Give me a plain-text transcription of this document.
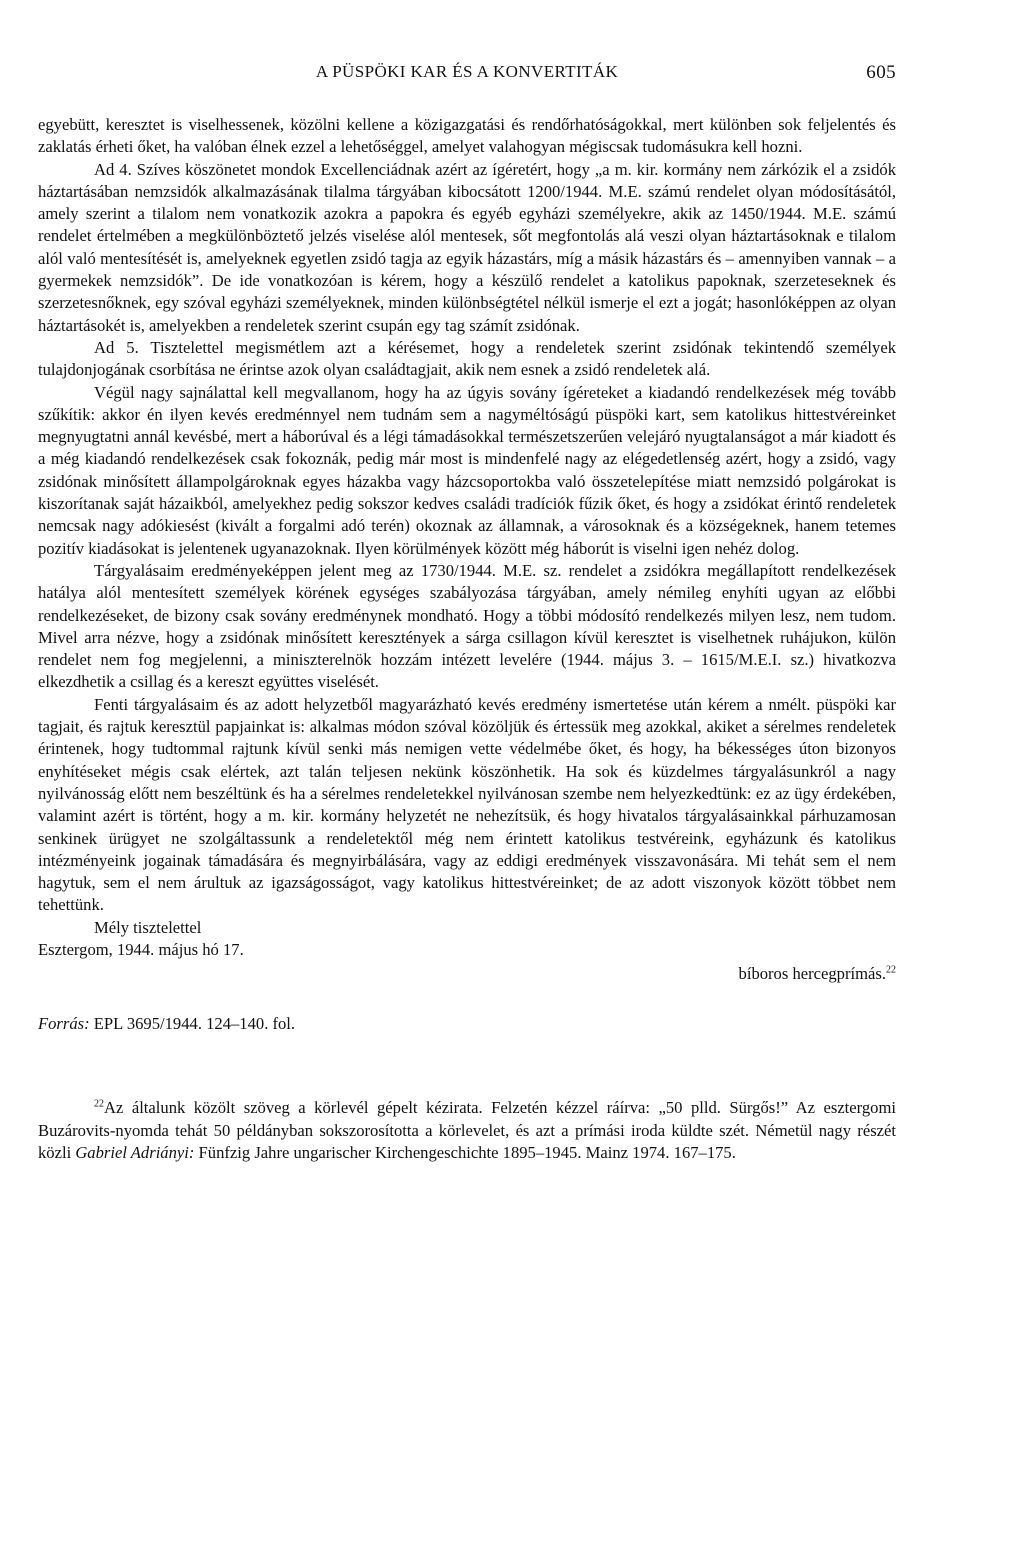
A PÜSPÖKI KAR ÉS A KONVERTITÁK	605

egyebütt, keresztet is viselhessenek, közölni kellene a közigazgatási és rendőrhatóságokkal, mert különben sok feljelentés és zaklatás érheti őket, ha valóban élnek ezzel a lehetőséggel, amelyet valahogyan mégiscsak tudomásukra kell hozni.

Ad 4. Szíves köszönetet mondok Excellenciádnak azért az ígéretért, hogy „a m. kir. kormány nem zárkózik el a zsidók háztartásában nemzsidók alkalmazásának tilalma tárgyában kibocsátott 1200/1944. M.E. számú rendelet olyan módosításától, amely szerint a tilalom nem vonatkozik azokra a papokra és egyéb egyházi személyekre, akik az 1450/1944. M.E. számú rendelet értelmében a megkülönböztető jelzés viselése alól mentesek, sőt megfontolás alá veszi olyan háztartásoknak e tilalom alól való mentesítését is, amelyeknek egyetlen zsidó tagja az egyik házastárs, míg a másik házastárs és – amennyiben vannak – a gyermekek nemzsidók”. De ide vonatkozóan is kérem, hogy a készülő rendelet a katolikus papoknak, szerzeteseknek és szerzetesnőknek, egy szóval egyházi személyeknek, minden különbségtétel nélkül ismerje el ezt a jogát; hasonlóképpen az olyan háztartásokét is, amelyekben a rendeletek szerint csupán egy tag számít zsidónak.

Ad 5. Tisztelettel megismétlem azt a kérésemet, hogy a rendeletek szerint zsidónak tekintendő személyek tulajdonjogának csorbítása ne érintse azok olyan családtagjait, akik nem esnek a zsidó rendeletek alá.

Végül nagy sajnálattal kell megvallanom, hogy ha az úgyis sovány ígéreteket a kiadandó rendelkezések még tovább szűkítik: akkor én ilyen kevés eredménnyel nem tudnám sem a nagyméltóságú püspöki kart, sem katolikus hittestvéreinket megnyugtatni annál kevésbé, mert a háborúval és a légi támadásokkal természetszerűen velejáró nyugtalanságot a már kiadott és a még kiadandó rendelkezések csak fokoznák, pedig már most is mindenfelé nagy az elégedetlenség azért, hogy a zsidó, vagy zsidónak minősített állampolgároknak egyes házakba vagy házcsoportokba való összetelepítése miatt nemzsidó polgárokat is kiszorítanak saját házaikból, amelyekhez pedig sokszor kedves családi tradíciók fűzik őket, és hogy a zsidókat érintő rendeletek nemcsak nagy adókiesést (kivált a forgalmi adó terén) okoznak az államnak, a városoknak és a községeknek, hanem tetemes pozitív kiadásokat is jelentenek ugyanazoknak. Ilyen körülmények között még háborút is viselni igen nehéz dolog.

Tárgyalásaim eredményeképpen jelent meg az 1730/1944. M.E. sz. rendelet a zsidókra megállapított rendelkezések hatálya alól mentesített személyek körének egységes szabályozása tárgyában, amely némileg enyhíti ugyan az előbbi rendelkezéseket, de bizony csak sovány eredménynek mondható. Hogy a többi módosító rendelkezés milyen lesz, nem tudom. Mivel arra nézve, hogy a zsidónak minősített keresztények a sárga csillagon kívül keresztet is viselhetnek ruhájukon, külön rendelet nem fog megjelenni, a miniszterelnök hozzám intézett levelére (1944. május 3. – 1615/M.E.I. sz.) hivatkozva elkezdhetik a csillag és a kereszt együttes viselését.

Fenti tárgyalásaim és az adott helyzetből magyarázható kevés eredmény ismertetése után kérem a nmélt. püspöki kar tagjait, és rajtuk keresztül papjainkat is: alkalmas módon szóval közöljük és értessük meg azokkal, akiket a sérelmes rendeletek érintenek, hogy tudtommal rajtunk kívül senki más nemigen vette védelmébe őket, és hogy, ha békességes úton bizonyos enyhítéseket mégis csak elértek, azt talán teljesen nekünk köszönhetik. Ha sok és küzdelmes tárgyalásunkról a nagy nyilvánosság előtt nem beszéltünk és ha a sérelmes rendeletekkel nyilvánosan szembe nem helyezkedtünk: ez az ügy érdekében, valamint azért is történt, hogy a m. kir. kormány helyzetét ne nehezítsük, és hogy hivatalos tárgyalásainkkal párhuzamosan senkinek ürügyet ne szolgáltassunk a rendeletektől még nem érintett katolikus testvéreink, egyházunk és katolikus intézményeink jogainak támadására és megnyirbálására, vagy az eddigi eredmények visszavonására. Mi tehát sem el nem hagytuk, sem el nem árultuk az igazságosságot, vagy katolikus hittestvéreinket; de az adott viszonyok között többet nem tehettünk.

Mély tisztelettel
Esztergom, 1944. május hó 17.
bíboros hercegprímás.$^{22}$
Forrás: EPL 3695/1944. 124–140. fol.
$^{22}$Az általunk közölt szöveg a körlevél gépelt kézirata. Felzetén kézzel ráírva: „50 plld. Sürgős!” Az esztergomi Buzárovits-nyomda tehát 50 példányban sokszorosította a körlevelet, és azt a prímási iroda küldte szét. Németül nagy részét közli Gabriel Adriányi: Fünfzig Jahre ungarischer Kirchengeschichte 1895–1945. Mainz 1974. 167–175.
